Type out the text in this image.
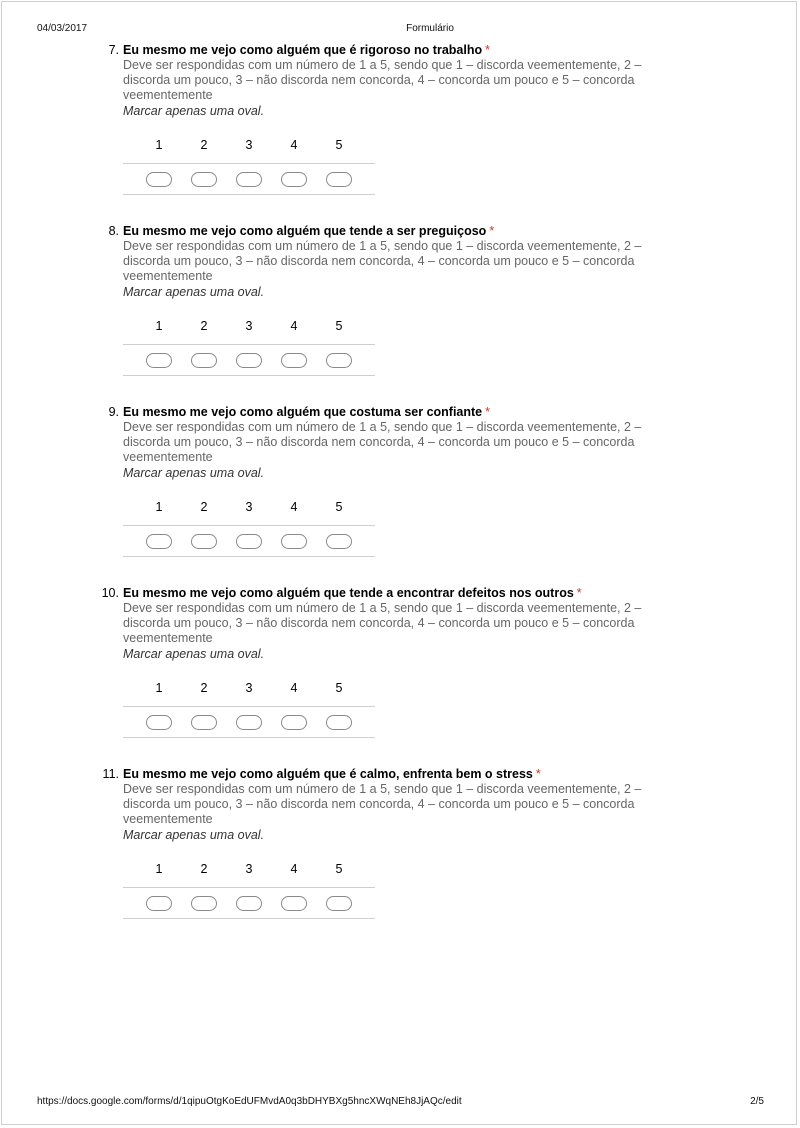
04/03/2017	Formulário
7. Eu mesmo me vejo como alguém que é rigoroso no trabalho *
Deve ser respondidas com um número de 1 a 5, sendo que 1 – discorda veementemente, 2 – discorda um pouco, 3 – não discorda nem concorda, 4 – concorda um pouco e 5 – concorda veementemente
Marcar apenas uma oval.
1	2	3	4	5
8. Eu mesmo me vejo como alguém que tende a ser preguiçoso *
Deve ser respondidas com um número de 1 a 5, sendo que 1 – discorda veementemente, 2 – discorda um pouco, 3 – não discorda nem concorda, 4 – concorda um pouco e 5 – concorda veementemente
Marcar apenas uma oval.
1	2	3	4	5
9. Eu mesmo me vejo como alguém que costuma ser confiante *
Deve ser respondidas com um número de 1 a 5, sendo que 1 – discorda veementemente, 2 – discorda um pouco, 3 – não discorda nem concorda, 4 – concorda um pouco e 5 – concorda veementemente
Marcar apenas uma oval.
1	2	3	4	5
10. Eu mesmo me vejo como alguém que tende a encontrar defeitos nos outros *
Deve ser respondidas com um número de 1 a 5, sendo que 1 – discorda veementemente, 2 – discorda um pouco, 3 – não discorda nem concorda, 4 – concorda um pouco e 5 – concorda veementemente
Marcar apenas uma oval.
1	2	3	4	5
11. Eu mesmo me vejo como alguém que é calmo, enfrenta bem o stress *
Deve ser respondidas com um número de 1 a 5, sendo que 1 – discorda veementemente, 2 – discorda um pouco, 3 – não discorda nem concorda, 4 – concorda um pouco e 5 – concorda veementemente
Marcar apenas uma oval.
1	2	3	4	5
https://docs.google.com/forms/d/1qipuOtgKoEdUFMvdA0q3bDHYBXg5hncXWqNEh8JjAQc/edit	2/5
